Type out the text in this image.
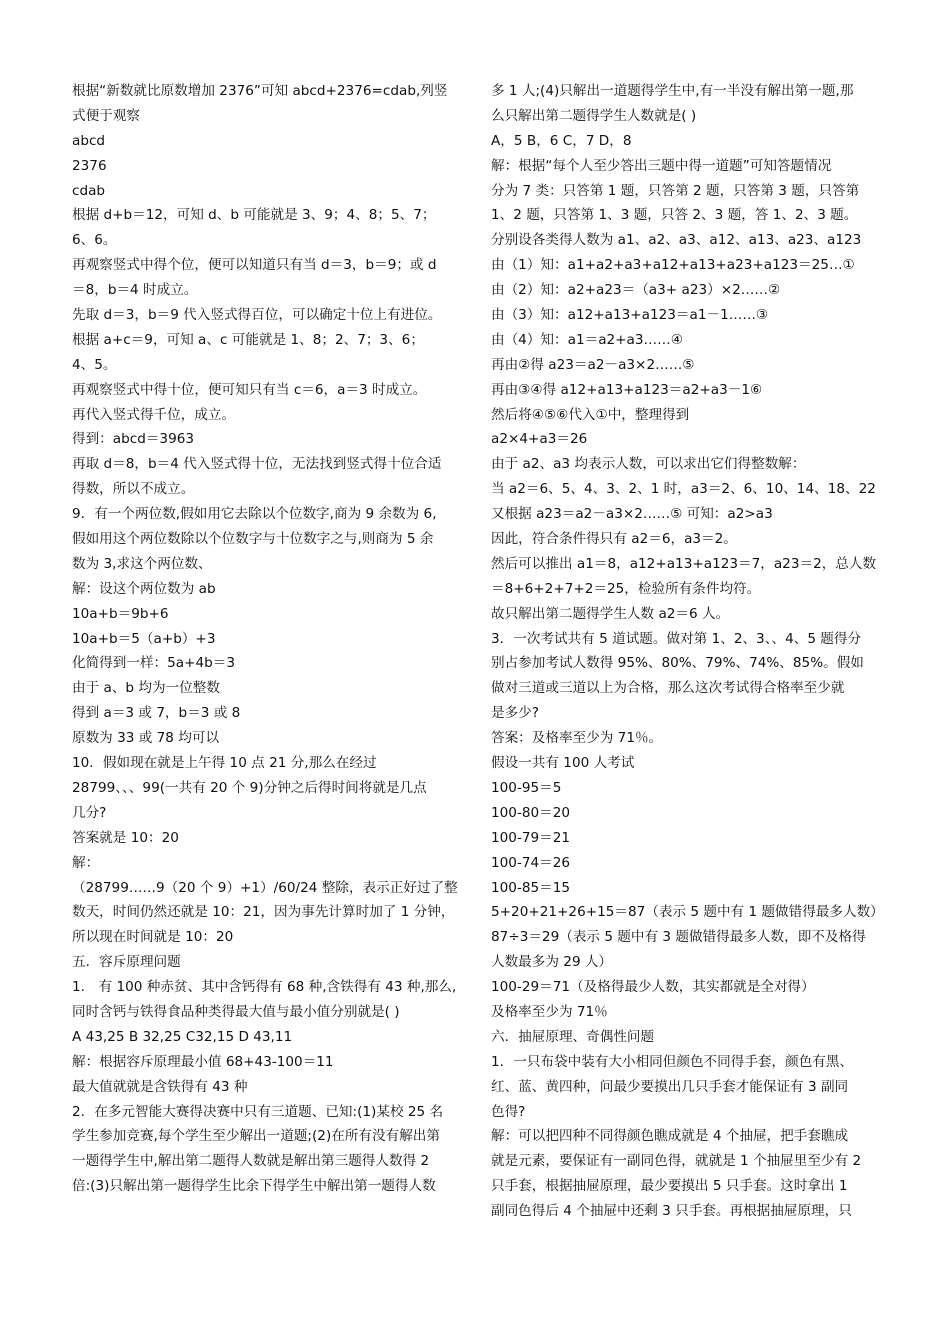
根据“新数就比原数增加 2376”可知 abcd+2376=cdab,列竖
式便于观察
abcd
2376
cdab
根据 d+b＝12，可知 d、b 可能就是 3、9；4、8；5、7；
6、6。
再观察竖式中得个位，便可以知道只有当 d＝3，b＝9；或 d
＝8，b＝4 时成立。
先取 d＝3，b＝9 代入竖式得百位，可以确定十位上有进位。
根据 a+c＝9，可知 a、c 可能就是 1、8；2、7；3、6；
4、5。
再观察竖式中得十位，便可知只有当 c＝6，a＝3 时成立。
再代入竖式得千位，成立。
得到：abcd＝3963
再取 d＝8，b＝4 代入竖式得十位，无法找到竖式得十位合适
得数，所以不成立。
9．有一个两位数,假如用它去除以个位数字,商为 9 余数为 6,
假如用这个两位数除以个位数字与十位数字之与,则商为 5 余
数为 3,求这个两位数、
解：设这个两位数为 ab
10a+b＝9b+6
10a+b＝5（a+b）+3
化简得到一样：5a+4b＝3
由于 a、b 均为一位整数
得到 a＝3 或 7，b＝3 或 8
原数为 33 或 78 均可以
10．假如现在就是上午得 10 点 21 分,那么在经过
28799、、、99(一共有 20 个 9)分钟之后得时间将就是几点
几分?
答案就是 10：20
解：
（28799……9（20 个 9）+1）/60/24 整除，表示正好过了整
数天，时间仍然还就是 10：21，因为事先计算时加了 1 分钟，
所以现在时间就是 10：20
五．容斥原理问题
1． 有 100 种赤贫、其中含钙得有 68 种,含铁得有 43 种,那么,
同时含钙与铁得食品种类得最大值与最小值分别就是( )
A 43,25 B 32,25 C32,15 D 43,11
解：根据容斥原理最小值 68+43-100＝11
最大值就就是含铁得有 43 种
2．在多元智能大赛得决赛中只有三道题、已知:(1)某校 25 名
学生参加竞赛,每个学生至少解出一道题;(2)在所有没有解出第
一题得学生中,解出第二题得人数就是解出第三题得人数得 2
倍:(3)只解出第一题得学生比余下得学生中解出第一题得人数
多 1 人;(4)只解出一道题得学生中,有一半没有解出第一题,那
么只解出第二题得学生人数就是( )
A，5 B，6 C，7 D，8
解：根据“每个人至少答出三题中得一道题”可知答题情况
分为 7 类：只答第 1 题，只答第 2 题，只答第 3 题，只答第
1、2 题，只答第 1、3 题，只答 2、3 题，答 1、2、3 题。
分别设各类得人数为 a1、a2、a3、a12、a13、a23、a123
由（1）知：a1+a2+a3+a12+a13+a23+a123＝25…①
由（2）知：a2+a23＝（a3+ a23）×2……②
由（3）知：a12+a13+a123＝a1－1……③
由（4）知：a1＝a2+a3……④
再由②得 a23＝a2－a3×2……⑤
再由③④得 a12+a13+a123＝a2+a3－1⑥
然后将④⑤⑥代入①中，整理得到
a2×4+a3＝26
由于 a2、a3 均表示人数，可以求出它们得整数解：
当 a2＝6、5、4、3、2、1 时，a3＝2、6、10、14、18、22
又根据 a23＝a2－a3×2……⑤ 可知：a2>a3
因此，符合条件得只有 a2＝6，a3＝2。
然后可以推出 a1＝8，a12+a13+a123＝7，a23＝2，总人数
＝8+6+2+7+2＝25，检验所有条件均符。
故只解出第二题得学生人数 a2＝6 人。
3．一次考试共有 5 道试题。做对第 1、2、3、、4、5 题得分
别占参加考试人数得 95%、80%、79%、74%、85%。假如
做对三道或三道以上为合格，那么这次考试得合格率至少就
是多少?
答案：及格率至少为 71％。
假设一共有 100 人考试
100-95＝5
100-80＝20
100-79＝21
100-74＝26
100-85＝15
5+20+21+26+15＝87（表示 5 题中有 1 题做错得最多人数）
87÷3＝29（表示 5 题中有 3 题做错得最多人数，即不及格得
人数最多为 29 人）
100-29＝71（及格得最少人数，其实都就是全对得）
及格率至少为 71％
六．抽屉原理、奇偶性问题
1．一只布袋中装有大小相同但颜色不同得手套，颜色有黑、
红、蓝、黄四种，问最少要摸出几只手套才能保证有 3 副同
色得?
解：可以把四种不同得颜色瞧成就是 4 个抽屉，把手套瞧成
就是元素，要保证有一副同色得，就就是 1 个抽屉里至少有 2
只手套，根据抽屉原理，最少要摸出 5 只手套。这时拿出 1
副同色得后 4 个抽屉中还剩 3 只手套。再根据抽屉原理，只
